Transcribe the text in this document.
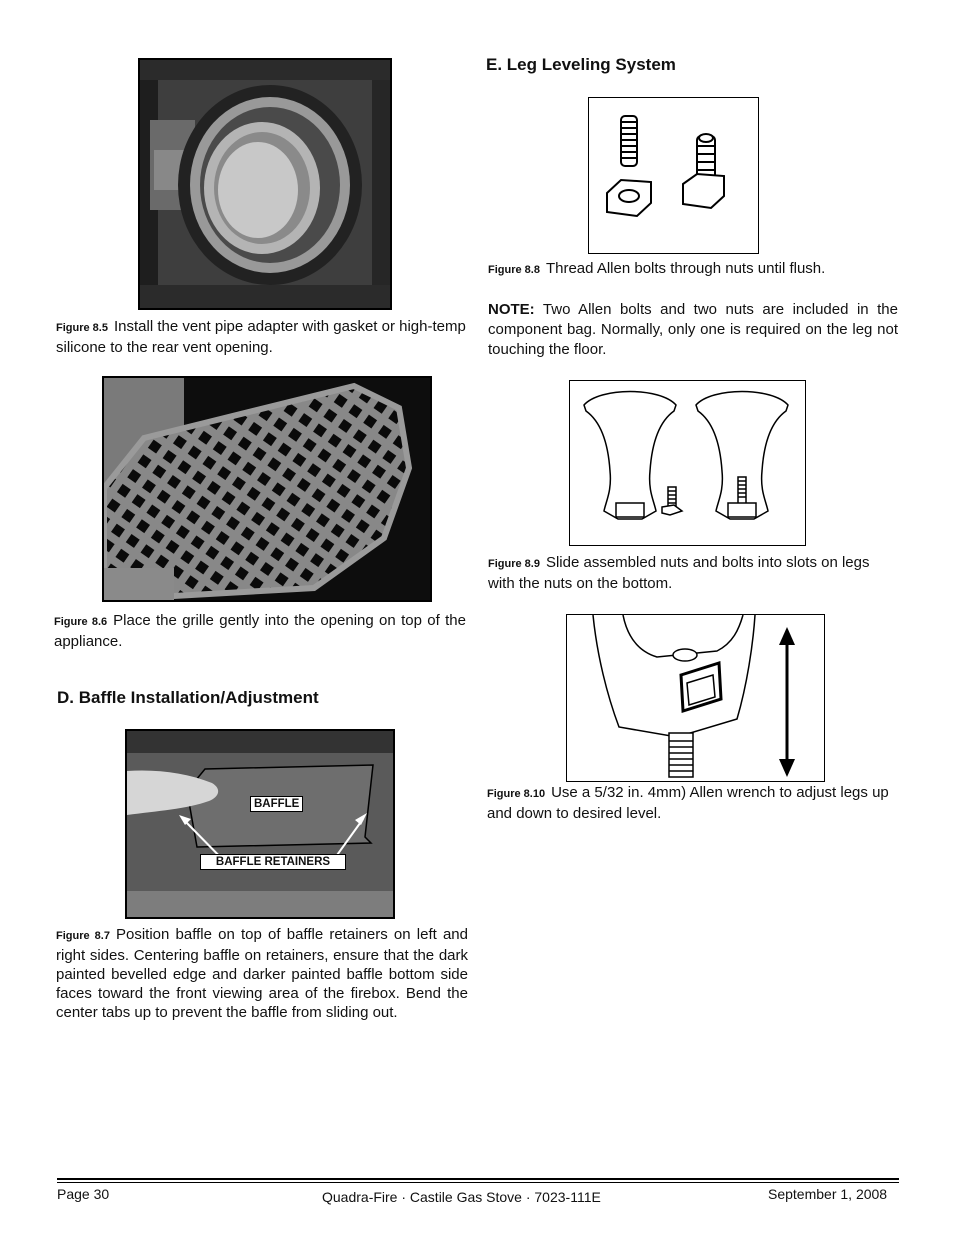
Figure 8.5 Install the vent pipe adapter with gasket or high-temp silicone to the rear vent opening.
Figure 8.6 Place the grille gently into the opening on top of the appliance.
D. Baffle Installation/Adjustment
BAFFLE
BAFFLE RETAINERS
Figure 8.7 Position baffle on top of baffle retainers on left and right sides. Centering baffle on retainers, ensure that the dark painted bevelled edge and darker painted baffle bottom side faces toward the front viewing area of the firebox. Bend the center tabs up to prevent the baffle from sliding out.
E. Leg Leveling System
Figure 8.8 Thread Allen bolts through nuts until flush.
NOTE: Two Allen bolts and two nuts are included in the component bag. Normally, only one is required on the leg not touching the floor.
Figure 8.9 Slide assembled nuts and bolts into slots on legs with the nuts on the bottom.
Figure 8.10 Use a 5/32 in. 4mm) Allen wrench to adjust legs up and down to desired level.
Page 30	Quadra-Fire · Castile Gas Stove · 7023-111E	September 1, 2008
